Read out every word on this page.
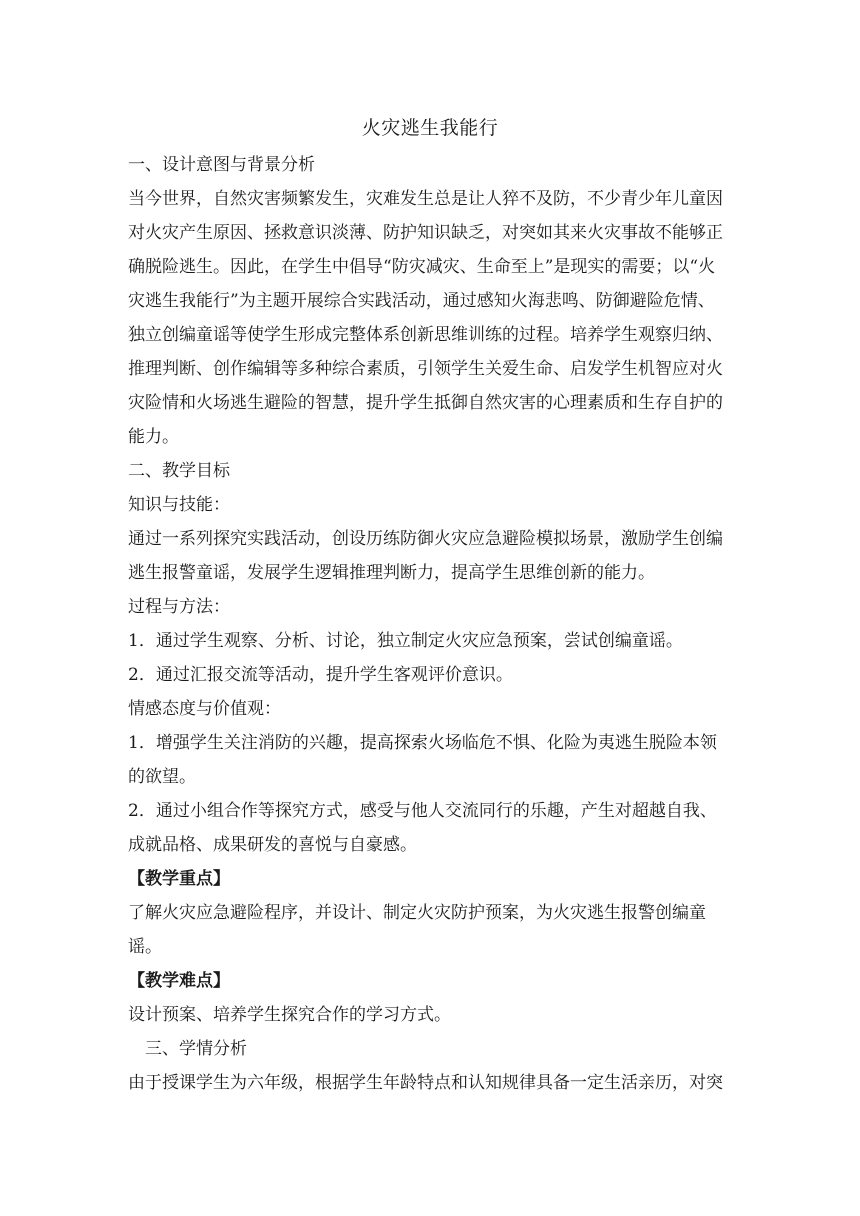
火灾逃生我能行
一、设计意图与背景分析
当今世界，自然灾害频繁发生，灾难发生总是让人猝不及防，不少青少年儿童因
对火灾产生原因、拯救意识淡薄、防护知识缺乏，对突如其来火灾事故不能够正
确脱险逃生。因此，在学生中倡导“防灾减灾、生命至上”是现实的需要；以“火
灾逃生我能行”为主题开展综合实践活动，通过感知火海悲鸣、防御避险危情、
独立创编童谣等使学生形成完整体系创新思维训练的过程。培养学生观察归纳、
推理判断、创作编辑等多种综合素质，引领学生关爱生命、启发学生机智应对火
灾险情和火场逃生避险的智慧，提升学生抵御自然灾害的心理素质和生存自护的
能力。
二、教学目标
知识与技能：
通过一系列探究实践活动，创设历练防御火灾应急避险模拟场景，激励学生创编
逃生报警童谣，发展学生逻辑推理判断力，提高学生思维创新的能力。
过程与方法：
1．通过学生观察、分析、讨论，独立制定火灾应急预案，尝试创编童谣。
2．通过汇报交流等活动，提升学生客观评价意识。
情感态度与价值观：
1．增强学生关注消防的兴趣，提高探索火场临危不惧、化险为夷逃生脱险本领
的欲望。
2．通过小组合作等探究方式，感受与他人交流同行的乐趣，产生对超越自我、
成就品格、成果研发的喜悦与自豪感。
【教学重点】
了解火灾应急避险程序，并设计、制定火灾防护预案，为火灾逃生报警创编童
谣。
【教学难点】
设计预案、培养学生探究合作的学习方式。
三、学情分析
由于授课学生为六年级，根据学生年龄特点和认知规律具备一定生活亲历，对突
